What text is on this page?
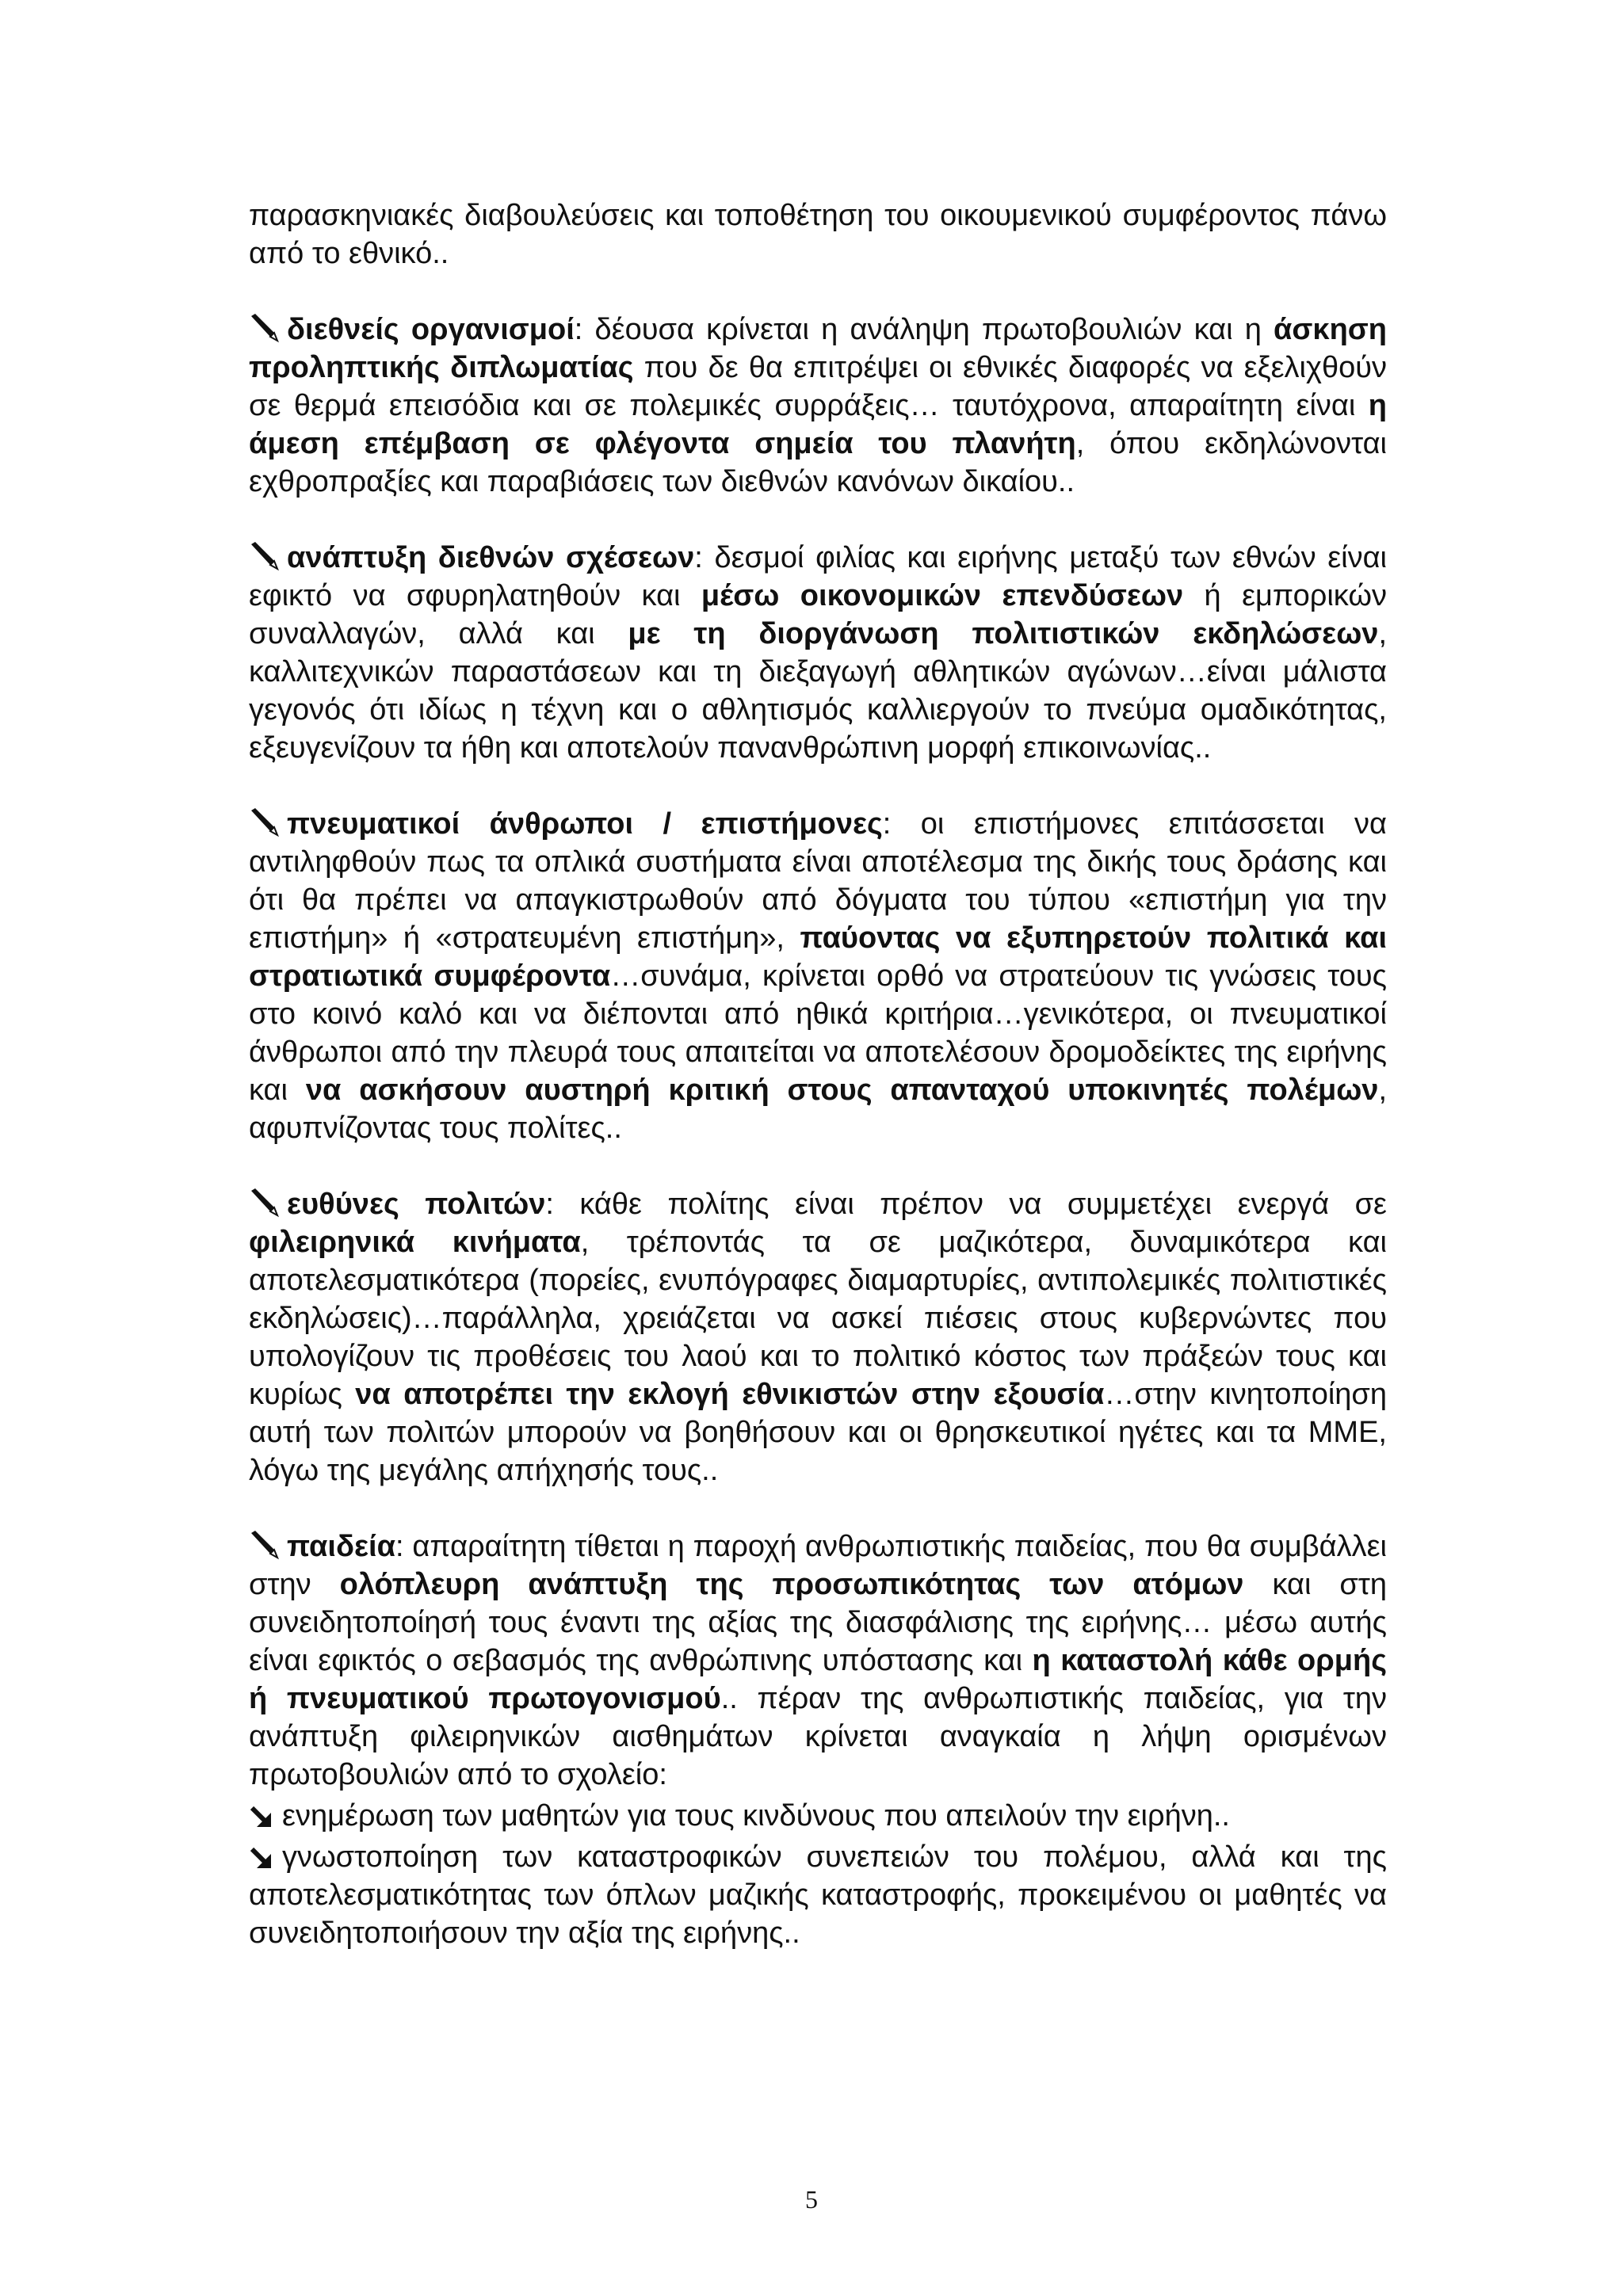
παρασκηνιακές διαβουλεύσεις και τοποθέτηση του οικουμενικού συμφέροντος πάνω από το εθνικό..

διεθνείς οργανισμοί: δέουσα κρίνεται η ανάληψη πρωτοβουλιών και η άσκηση προληπτικής διπλωματίας που δε θα επιτρέψει οι εθνικές διαφορές να εξελιχθούν σε θερμά επεισόδια και σε πολεμικές συρράξεις… ταυτόχρονα, απαραίτητη είναι η άμεση επέμβαση σε φλέγοντα σημεία του πλανήτη, όπου εκδηλώνονται εχθροπραξίες και παραβιάσεις των διεθνών κανόνων δικαίου..

ανάπτυξη διεθνών σχέσεων: δεσμοί φιλίας και ειρήνης μεταξύ των εθνών είναι εφικτό να σφυρηλατηθούν και μέσω οικονομικών επενδύσεων ή εμπορικών συναλλαγών, αλλά και με τη διοργάνωση πολιτιστικών εκδηλώσεων, καλλιτεχνικών παραστάσεων και τη διεξαγωγή αθλητικών αγώνων…είναι μάλιστα γεγονός ότι ιδίως η τέχνη και ο αθλητισμός καλλιεργούν το πνεύμα ομαδικότητας, εξευγενίζουν τα ήθη και αποτελούν πανανθρώπινη μορφή επικοινωνίας..

πνευματικοί άνθρωποι / επιστήμονες: οι επιστήμονες επιτάσσεται να αντιληφθούν πως τα οπλικά συστήματα είναι αποτέλεσμα της δικής τους δράσης και ότι θα πρέπει να απαγκιστρωθούν από δόγματα του τύπου «επιστήμη για την επιστήμη» ή «στρατευμένη επιστήμη», παύοντας να εξυπηρετούν πολιτικά και στρατιωτικά συμφέροντα…συνάμα, κρίνεται ορθό να στρατεύουν τις γνώσεις τους στο κοινό καλό και να διέπονται από ηθικά κριτήρια…γενικότερα, οι πνευματικοί άνθρωποι από την πλευρά τους απαιτείται να αποτελέσουν δρομοδείκτες της ειρήνης και να ασκήσουν αυστηρή κριτική στους απανταχού υποκινητές πολέμων, αφυπνίζοντας τους πολίτες..

ευθύνες πολιτών: κάθε πολίτης είναι πρέπον να συμμετέχει ενεργά σε φιλειρηνικά κινήματα, τρέποντάς τα σε μαζικότερα, δυναμικότερα και αποτελεσματικότερα (πορείες, ενυπόγραφες διαμαρτυρίες, αντιπολεμικές πολιτιστικές εκδηλώσεις)…παράλληλα, χρειάζεται να ασκεί πιέσεις στους κυβερνώντες που υπολογίζουν τις προθέσεις του λαού και το πολιτικό κόστος των πράξεών τους και κυρίως να αποτρέπει την εκλογή εθνικιστών στην εξουσία…στην κινητοποίηση αυτή των πολιτών μπορούν να βοηθήσουν και οι θρησκευτικοί ηγέτες και τα ΜΜΕ, λόγω της μεγάλης απήχησής τους..

παιδεία: απαραίτητη τίθεται η παροχή ανθρωπιστικής παιδείας, που θα συμβάλλει στην ολόπλευρη ανάπτυξη της προσωπικότητας των ατόμων και στη συνειδητοποίησή τους έναντι της αξίας της διασφάλισης της ειρήνης… μέσω αυτής είναι εφικτός ο σεβασμός της ανθρώπινης υπόστασης και η καταστολή κάθε ορμής ή πνευματικού πρωτογονισμού.. πέραν της ανθρωπιστικής παιδείας, για την ανάπτυξη φιλειρηνικών αισθημάτων κρίνεται αναγκαία η λήψη ορισμένων πρωτοβουλιών από το σχολείο:

ενημέρωση των μαθητών για τους κινδύνους που απειλούν την ειρήνη..

γνωστοποίηση των καταστροφικών συνεπειών του πολέμου, αλλά και της αποτελεσματικότητας των όπλων μαζικής καταστροφής, προκειμένου οι μαθητές να συνειδητοποιήσουν την αξία της ειρήνης..

5
